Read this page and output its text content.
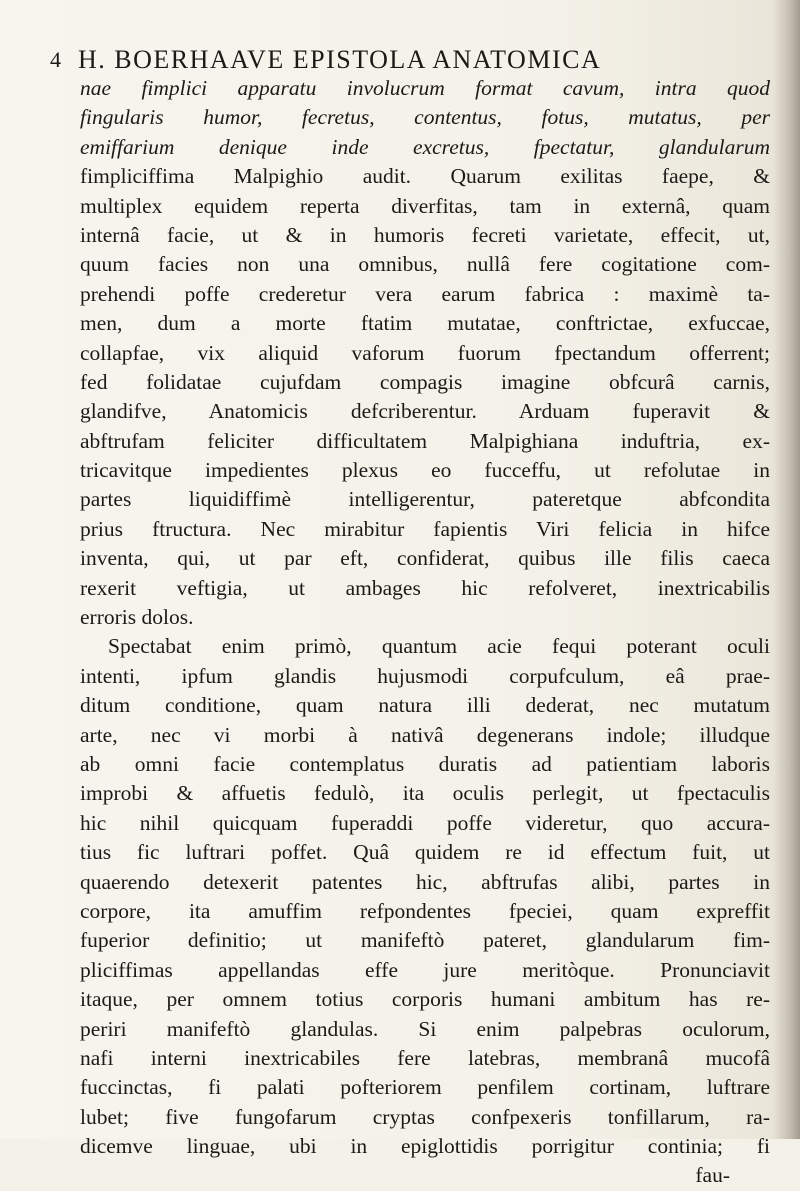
4 H. BOERHAAVE EPISTOLA ANATOMICA
nae fimplici apparatu involucrum format cavum, intra quod
fingularis humor, fecretus, contentus, fotus, mutatus, per
emiffarium denique inde excretus, fpectatur, glandularum
fimpliciffima Malpighio audit. Quarum exilitas faepe, &
multiplex equidem reperta diverfitas, tam in externâ, quam
internâ facie, ut & in humoris fecreti varietate, effecit, ut,
quum facies non una omnibus, nullâ fere cogitatione com-
prehendi poffe crederetur vera earum fabrica : maximè ta-
men, dum a morte ftatim mutatae, conftrictae, exfuccae,
collapfae, vix aliquid vaforum fuorum fpectandum offerrent;
fed folidatae cujufdam compagis imagine obfcurâ carnis,
glandifve, Anatomicis defcriberentur. Arduam fuperavit &
abftrufam feliciter difficultatem Malpighiana induftria, ex-
tricavitque impedientes plexus eo fucceffu, ut refolutae in
partes liquidiffimè intelligerentur, pateretque abfcondita
prius ftructura. Nec mirabitur fapientis Viri felicia in hifce
inventa, qui, ut par eft, confiderat, quibus ille filis caeca
rexerit veftigia, ut ambages hic refolveret, inextricabilis
erroris dolos.
Spectabat enim primò, quantum acie fequi poterant oculi
intenti, ipfum glandis hujusmodi corpufculum, eâ prae-
ditum conditione, quam natura illi dederat, nec mutatum
arte, nec vi morbi à nativâ degenerans indole; illudque
ab omni facie contemplatus duratis ad patientiam laboris
improbi & affuetis fedulò, ita oculis perlegit, ut fpectaculis
hic nihil quicquam fuperaddi poffe videretur, quo accura-
tius fic luftrari poffet. Quâ quidem re id effectum fuit, ut
quaerendo detexerit patentes hic, abftrufas alibi, partes in
corpore, ita amuffim refpondentes fpeciei, quam expreffit
fuperior definitio; ut manifeftò pateret, glandularum fim-
pliciffimas appellandas effe jure meritòque. Pronunciavit
itaque, per omnem totius corporis humani ambitum has re-
periri manifeftò glandulas. Si enim palpebras oculorum,
nafi interni inextricabiles fere latebras, membranâ mucofâ
fuccinctas, fi palati pofteriorem penfilem cortinam, luftrare
lubet; five fungofarum cryptas confpexeris tonfillarum, ra-
dicemve linguae, ubi in epiglottidis porrigitur continia; fi
fau-
